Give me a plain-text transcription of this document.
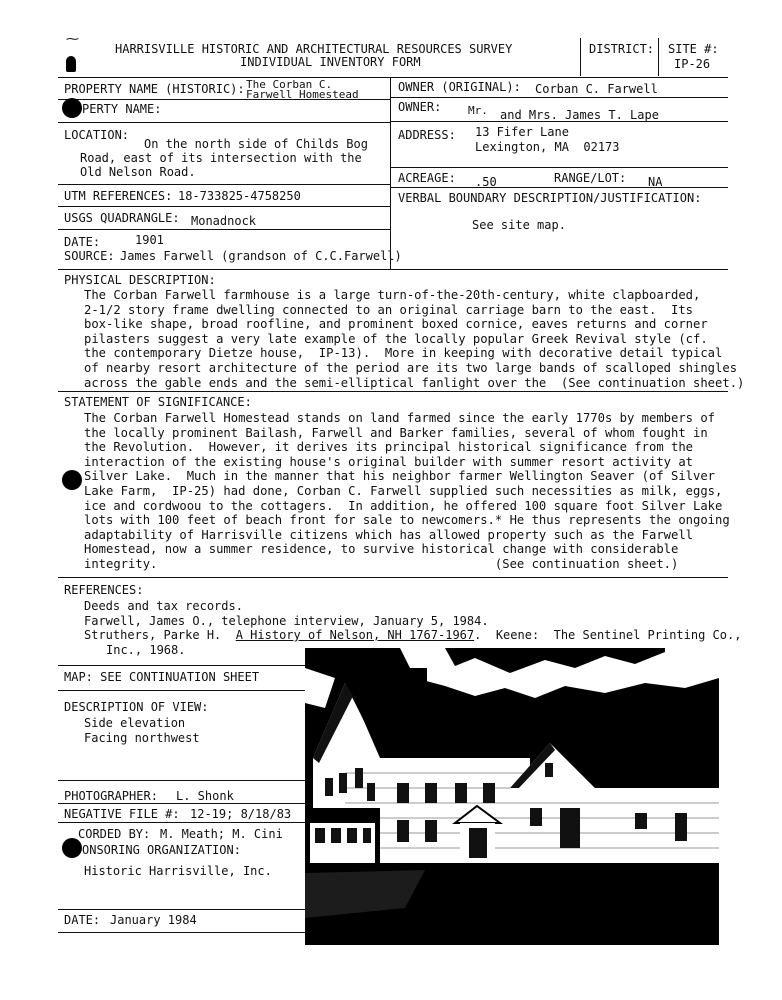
HARRISVILLE HISTORIC AND ARCHITECTURAL RESOURCES SURVEY
INDIVIDUAL INVENTORY FORM
⁓
DISTRICT: SITE #:
IP-26
PROPERTY NAME (HISTORIC): The Corban C.
Farwell Homestead
PERTY NAME:
LOCATION:
On the north side of Childs Bog
Road, east of its intersection with the
Old Nelson Road.
UTM REFERENCES: 18-733825-4758250
USGS QUADRANGLE: Monadnock
DATE:	1901
SOURCE: James Farwell (grandson of C.C.Farwell)
OWNER (ORIGINAL): Corban C. Farwell
OWNER: Mr. and Mrs. James T. Lape
ADDRESS: 13 Fifer Lane
Lexington, MA  02173
ACREAGE: .50	RANGE/LOT: NA
VERBAL BOUNDARY DESCRIPTION/JUSTIFICATION:
See site map.
PHYSICAL DESCRIPTION:
The Corban Farwell farmhouse is a large turn-of-the-20th-century, white clapboarded,
2-1/2 story frame dwelling connected to an original carriage barn to the east.  Its
box-like shape, broad roofline, and prominent boxed cornice, eaves returns and corner
pilasters suggest a very late example of the locally popular Greek Revival style (cf.
the contemporary Dietze house,  IP-13).  More in keeping with decorative detail typical
of nearby resort architecture of the period are its two large bands of scalloped shingles
across the gable ends and the semi-elliptical fanlight over the  (See continuation sheet.)
STATEMENT OF SIGNIFICANCE:
The Corban Farwell Homestead stands on land farmed since the early 1770s by members of
the locally prominent Bailash, Farwell and Barker families, several of whom fought in
the Revolution.  However, it derives its principal historical significance from the
interaction of the existing house's original builder with summer resort activity at
Silver Lake.  Much in the manner that his neighbor farmer Wellington Seaver (of Silver
Lake Farm,  IP-25) had done, Corban C. Farwell supplied such necessities as milk, eggs,
ice and cordwoou to the cottagers.  In addition, he offered 100 square foot Silver Lake
lots with 100 feet of beach front for sale to newcomers.* He thus represents the ongoing
adaptability of Harrisville citizens which has allowed property such as the Farwell
Homestead, now a summer residence, to survive historical change with considerable
integrity.                                              (See continuation sheet.)
REFERENCES:
Deeds and tax records.
Farwell, James O., telephone interview, January 5, 1984.
Struthers, Parke H.  A History of Nelson, NH 1767-1967.  Keene:  The Sentinel Printing Co.,
Inc., 1968.
MAP: SEE CONTINUATION SHEET
DESCRIPTION OF VIEW:
Side elevation
Facing northwest
PHOTOGRAPHER: L. Shonk
NEGATIVE FILE #: 12-19; 8/18/83
CORDED BY: M. Meath; M. Cini
ONSORING ORGANIZATION:
Historic Harrisville, Inc.
DATE: January 1984
